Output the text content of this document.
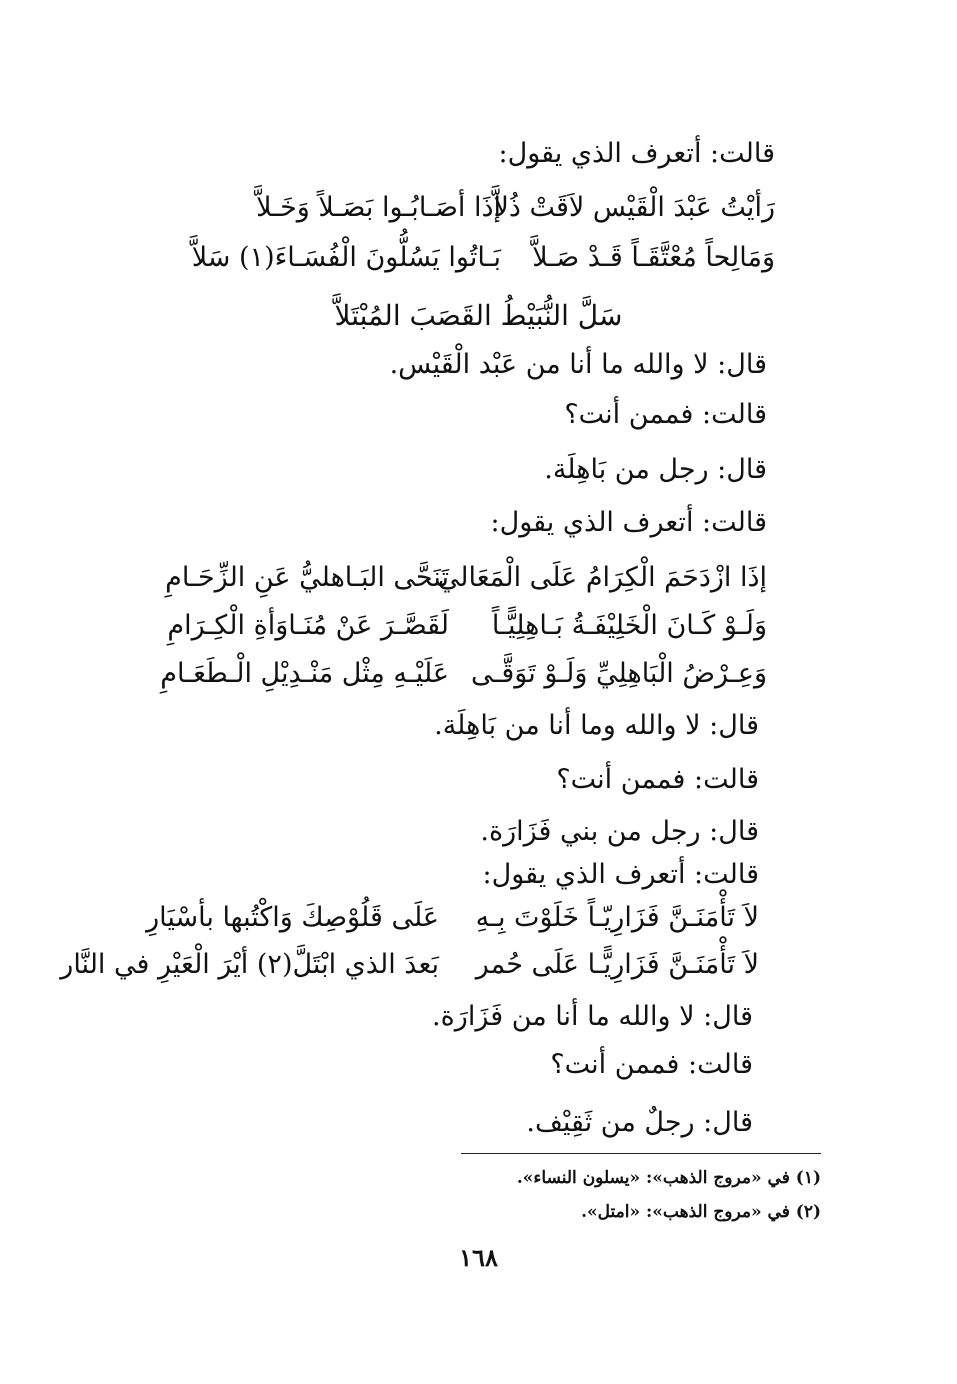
قالت: أتعرف الذي يقول:
رَأيْتُ عَبْدَ الْقَيْس لاَقَتْ ذُلاَّ
إذَا أصَـابُـوا بَصَـلاً وَخَـلاَّ
وَمَالِحاً مُعْتَّقَـاً قَـدْ صَـلاَّ
بَـاتُوا يَسُلُّونَ الْفُسَـاءَ(١) سَلاَّ
سَلَّ النُّبَيْطُ القَصَبَ المُبْتَلاَّ
قال: لا والله ما أنا من عَبْد الْقَيْس.
قالت: فممن أنت؟
قال: رجل من بَاهِلَة.
قالت: أتعرف الذي يقول:
إذَا ازْدَحَمَ الْكِرَامُ عَلَى الْمَعَالي
تَنَحَّى البَـاهليُّ عَنِ الزِّحَـامِ
وَلَـوْ كَـانَ الْخَلِيْفَـةُ بَـاهِلِيًّـاً
لَقَصَّـرَ عَنْ مُنَـاوَأةِ الْكِـرَامِ
وَعِـرْضُ الْبَاهِلِيِّ وَلَـوْ تَوَقَّـى
عَلَيْـهِ مِثْل مَنْـدِيْلِ الْـطَعَـامِ
قال: لا والله وما أنا من بَاهِلَة.
قالت: فممن أنت؟
قال: رجل من بني فَزَارَة.
قالت: أتعرف الذي يقول:
لاَ تَأْمَنَـنَّ فَزَارِيّـاً خَلَوْتَ بِـهِ
عَلَى قَلُوْصِكَ وَاكْتُبها بأسْيَارِ
لاَ تَأْمَنَـنَّ فَزَارِيًّـا عَلَى حُمر
بَعدَ الذي ابْتَلَّ(٢) أيْرَ الْعَيْرِ في النَّار
قال: لا والله ما أنا من فَزَارَة.
قالت: فممن أنت؟
قال: رجلٌ من ثَقِيْف.
(١) في «مروج الذهب»: «يسلون النساء».
(٢) في «مروج الذهب»: «امتل».
١٦٨
